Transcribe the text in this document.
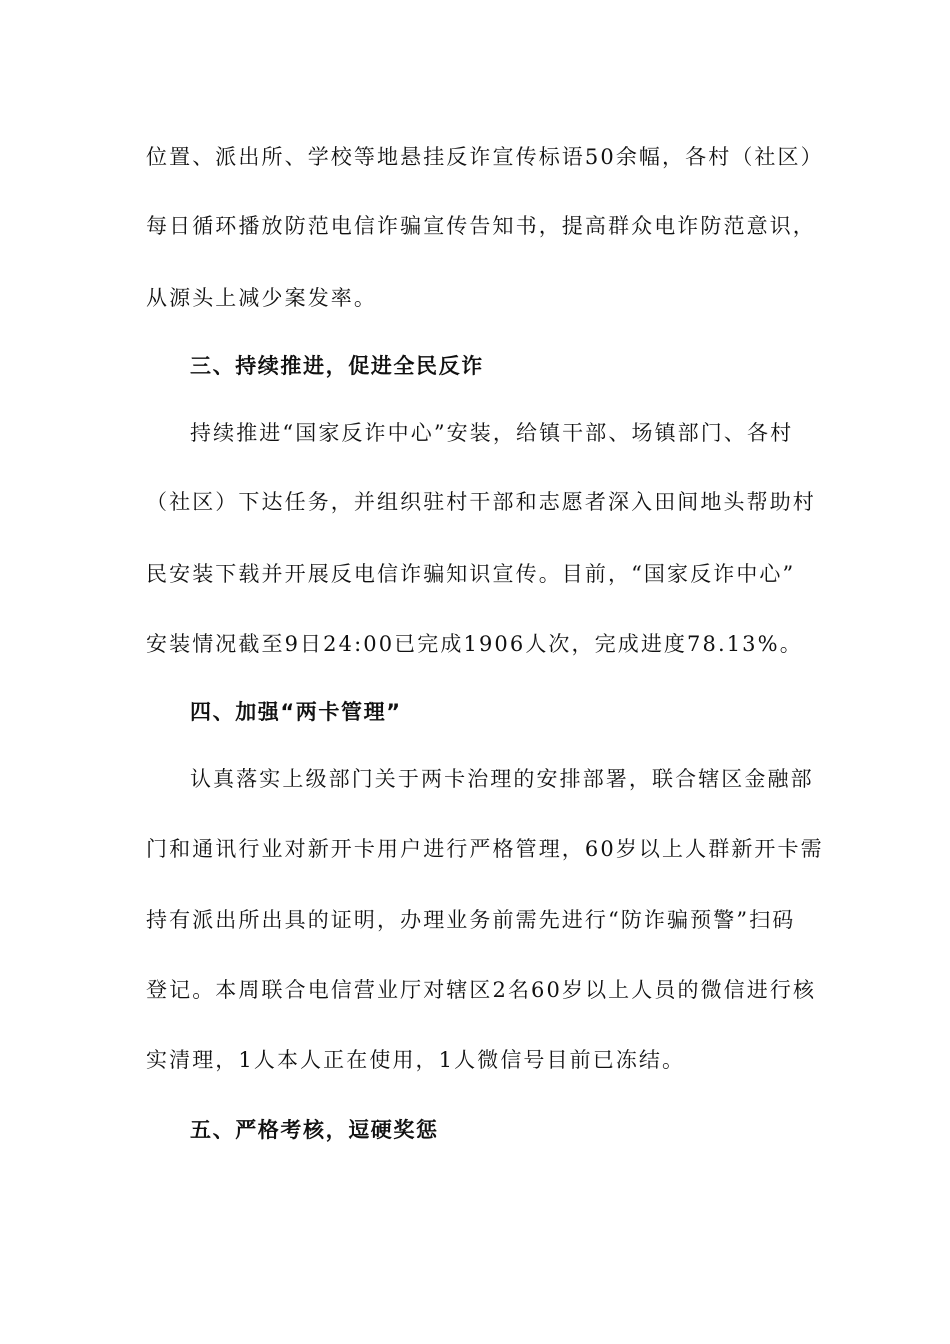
位置、派出所、学校等地悬挂反诈宣传标语50余幅，各村（社区）
每日循环播放防范电信诈骗宣传告知书，提高群众电诈防范意识，
从源头上减少案发率。
三、持续推进，促进全民反诈
持续推进“国家反诈中心”安装，给镇干部、场镇部门、各村
（社区）下达任务，并组织驻村干部和志愿者深入田间地头帮助村
民安装下载并开展反电信诈骗知识宣传。目前，“国家反诈中心”
安装情况截至9日24:00已完成1906人次，完成进度78.13%。
四、加强“两卡管理”
认真落实上级部门关于两卡治理的安排部署，联合辖区金融部
门和通讯行业对新开卡用户进行严格管理，60岁以上人群新开卡需
持有派出所出具的证明，办理业务前需先进行“防诈骗预警”扫码
登记。本周联合电信营业厅对辖区2名60岁以上人员的微信进行核
实清理，1人本人正在使用，1人微信号目前已冻结。
五、严格考核，逗硬奖惩
